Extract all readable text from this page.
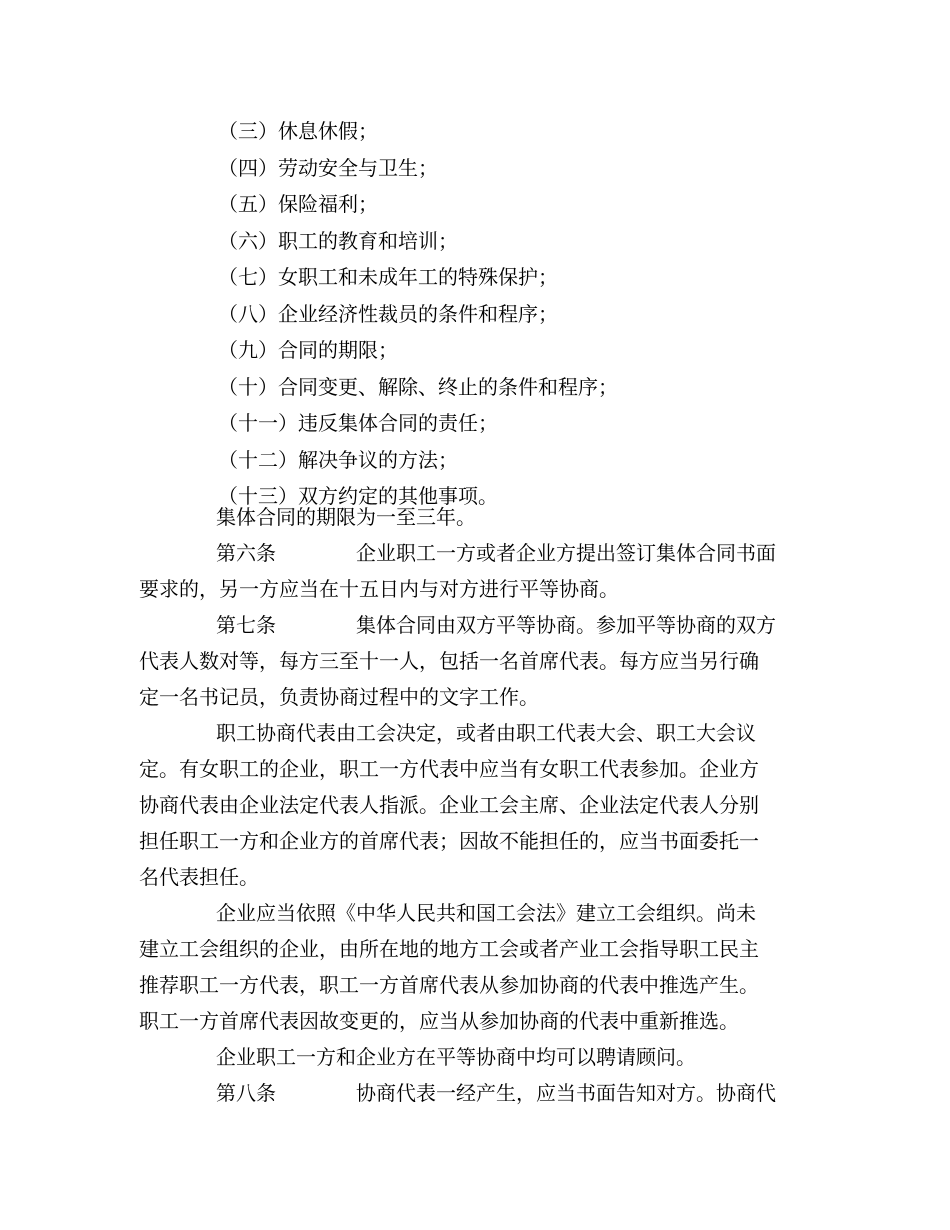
（三）休息休假；
（四）劳动安全与卫生；
（五）保险福利；
（六）职工的教育和培训；
（七）女职工和未成年工的特殊保护；
（八）企业经济性裁员的条件和程序；
（九）合同的期限；
（十）合同变更、解除、终止的条件和程序；
（十一）违反集体合同的责任；
（十二）解决争议的方法；
（十三）双方约定的其他事项。
集体合同的期限为一至三年。
第六条	企业职工一方或者企业方提出签订集体合同书面
要求的，另一方应当在十五日内与对方进行平等协商。
第七条	集体合同由双方平等协商。参加平等协商的双方
代表人数对等，每方三至十一人，包括一名首席代表。每方应当另行确
定一名书记员，负责协商过程中的文字工作。
职工协商代表由工会决定，或者由职工代表大会、职工大会议
定。有女职工的企业，职工一方代表中应当有女职工代表参加。企业方
协商代表由企业法定代表人指派。企业工会主席、企业法定代表人分别
担任职工一方和企业方的首席代表；因故不能担任的，应当书面委托一
名代表担任。
企业应当依照《中华人民共和国工会法》建立工会组织。尚未
建立工会组织的企业，由所在地的地方工会或者产业工会指导职工民主
推荐职工一方代表，职工一方首席代表从参加协商的代表中推选产生。
职工一方首席代表因故变更的，应当从参加协商的代表中重新推选。
企业职工一方和企业方在平等协商中均可以聘请顾问。
第八条	协商代表一经产生，应当书面告知对方。协商代
